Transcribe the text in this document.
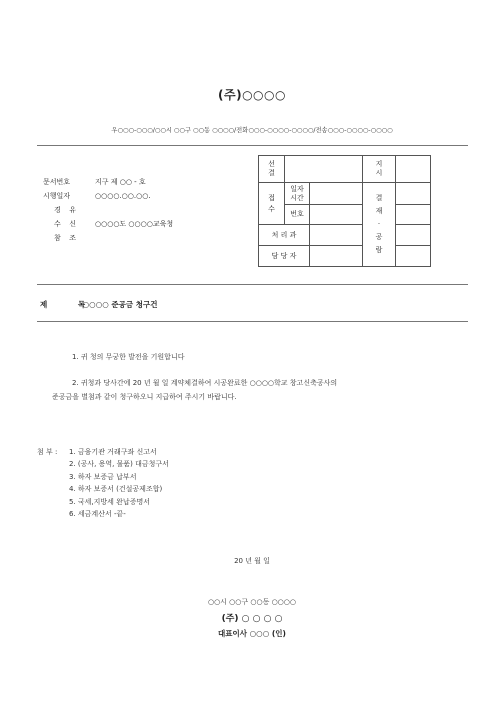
(주)○○○○
우○○○-○○○/○○시 ○○구 ○○동 ○○○○/전화○○○-○○○○-○○○○/전송○○○-○○○○-○○○○
문서번호	지구 제 ○○ - 호
시행일자	○○○○.○○.○○.
경 유
수 신	○○○○도 ○○○○교육청
참 조
선 결			지 시	
접 수	일자 시간		결 재 · 공 람	
	번호			
처 리 과				
담 당 자				
제 목 ○○○○ 준공금 청구건
1. 귀 청의 무궁한 발전을 기원합니다
2. 귀청과 당사간에 20 년 월 일 계약체결하여 시공완료한 ○○○○학교 창고신축공사의
준공금을 별첨과 같이 청구하오니 지급하여 주시기 바랍니다.
첨 부 : 1. 금융기관 거래구좌 신고서
2. (공사, 용역, 물품) 대금청구서
3. 하자 보증금 납부서
4. 하자 보증서 (건설공제조합)
5. 국세,지방세 완납증명서
6. 세금계산서 -끝-
20 년 월 일
○○시 ○○구 ○○동 ○○○○
(주) ○ ○ ○ ○
대표이사 ○○○ (인)
